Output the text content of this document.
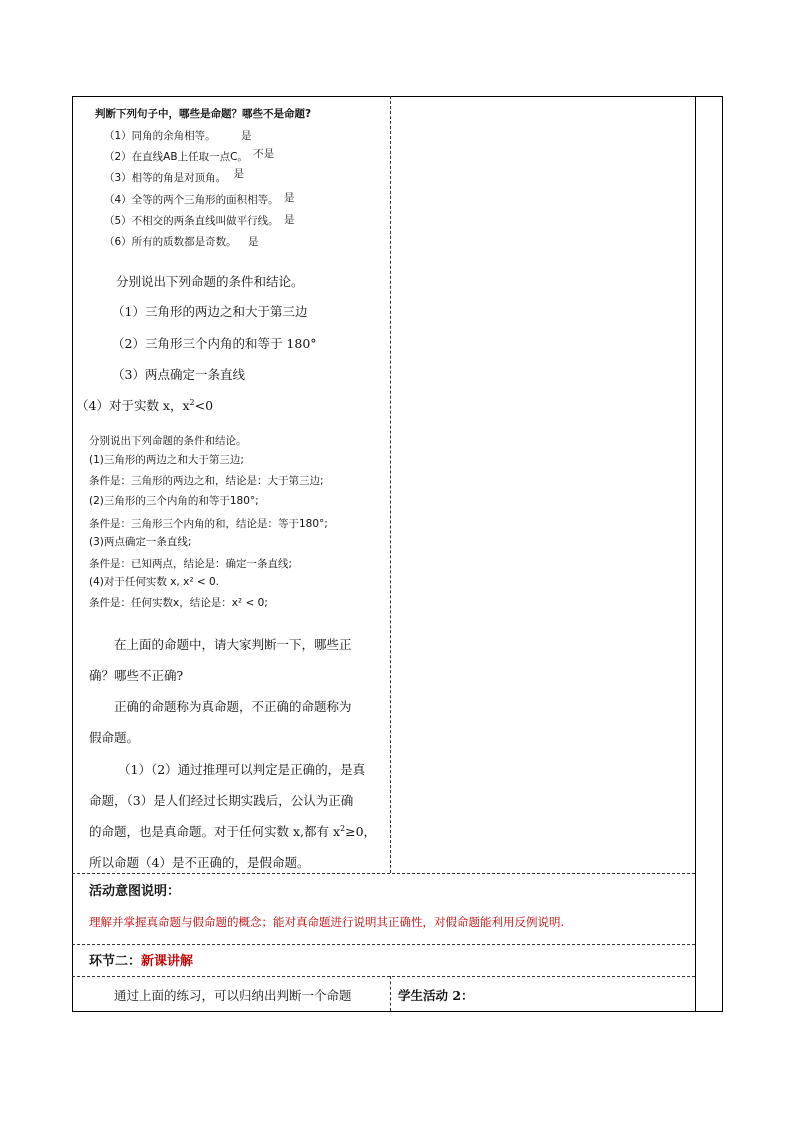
判断下列句子中，哪些是命题？哪些不是命题?
（1）同角的余角相等。 是
（2）在直线AB上任取一点C。 不是
（3）相等的角是对顶角。 是
（4）全等的两个三角形的面积相等。 是
（5）不相交的两条直线叫做平行线。 是
（6）所有的质数都是奇数。 是
分别说出下列命题的条件和结论。
（1）三角形的两边之和大于第三边
（2）三角形三个内角的和等于 180°
（3）两点确定一条直线
（4）对于实数 x，$x^2<0$
分别说出下列命题的条件和结论。
(1)三角形的两边之和大于第三边;
条件是：三角形的两边之和，结论是：大于第三边;
(2)三角形的三个内角的和等于180°;
条件是：三角形三个内角的和，结论是：等于180°;
(3)两点确定一条直线;
条件是：已知两点，结论是：确定一条直线;
(4)对于任何实数 x, x² < 0.
条件是：任何实数x，结论是：x² < 0;
在上面的命题中，请大家判断一下，哪些正
确？哪些不正确?
正确的命题称为真命题，不正确的命题称为
假命题。
（1）（2）通过推理可以判定是正确的，是真
命题，（3）是人们经过长期实践后，公认为正确
的命题，也是真命题。对于任何实数 x,都有 $x^2\ge 0$，
所以命题（4）是不正确的，是假命题。
活动意图说明：
理解并掌握真命题与假命题的概念；能对真命题进行说明其正确性，对假命题能利用反例说明.
环节二：新课讲解
通过上面的练习，可以归纳出判断一个命题	学生活动 2：
